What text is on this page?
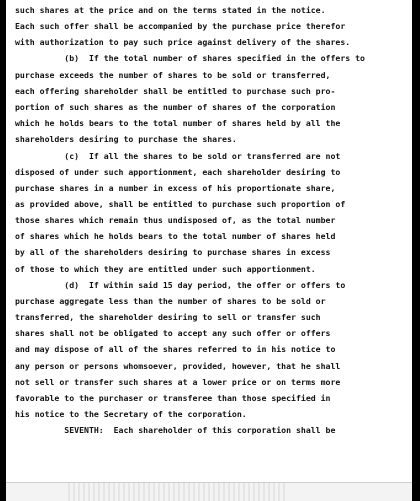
such shares at the price and on the terms stated in the notice.
Each such offer shall be accompanied by the purchase price therefor
with authorization to pay such price against delivery of the shares.
(b)  If the total number of shares specified in the offers to
purchase exceeds the number of shares to be sold or transferred,
each offering shareholder shall be entitled to purchase such pro-
portion of such shares as the number of shares of the corporation
which he holds bears to the total number of shares held by all the
shareholders desiring to purchase the shares.
(c)  If all the shares to be sold or transferred are not
disposed of under such apportionment, each shareholder desiring to
purchase shares in a number in excess of his proportionate share,
as provided above, shall be entitled to purchase such proportion of
those shares which remain thus undisposed of, as the total number
of shares which he holds bears to the total number of shares held
by all of the shareholders desiring to purchase shares in excess
of those to which they are entitled under such apportionment.
(d)  If within said 15 day period, the offer or offers to
purchase aggregate less than the number of shares to be sold or
transferred, the shareholder desiring to sell or transfer such
shares shall not be obligated to accept any such offer or offers
and may dispose of all of the shares referred to in his notice to
any person or persons whomsoever, provided, however, that he shall
not sell or transfer such shares at a lower price or on terms more
favorable to the purchaser or transferee than those specified in
his notice to the Secretary of the corporation.
SEVENTH:  Each shareholder of this corporation shall be
